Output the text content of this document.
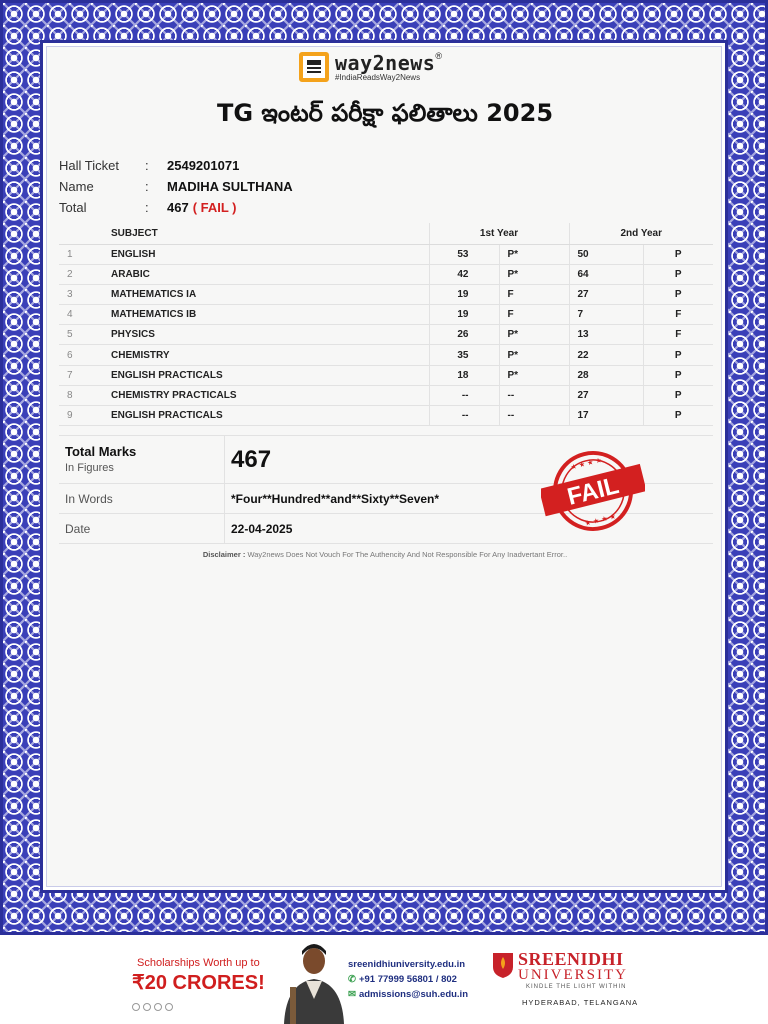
way2news®
#IndiaReadsWay2News
TG ఇంటర్ పరీక్షా ఫలితాలు 2025
Hall Ticket	:	2549201071
Name	:	MADIHA SULTHANA
Total	:	467 ( FAIL )
	SUBJECT	1st Year		2nd Year	
1	ENGLISH	53	P*	50	P
2	ARABIC	42	P*	64	P
3	MATHEMATICS IA	19	F	27	P
4	MATHEMATICS IB	19	F	7	F
5	PHYSICS	26	P*	13	F
6	CHEMISTRY	35	P*	22	P
7	ENGLISH PRACTICALS	18	P*	28	P
8	CHEMISTRY PRACTICALS	--	--	27	P
9	ENGLISH PRACTICALS	--	--	17	P
Total Marks
In Figures	467
In Words	*Four**Hundred**and**Sixty**Seven*
Date	22-04-2025
★ ★ ★ ★
★ ★ ★ ★
FAIL
Disclaimer : Way2news Does Not Vouch For The Authencity And Not Responsible For Any Inadvertant Error..
Scholarships Worth up to
₹20 CRORES!
sreenidhiuniversity.edu.in
✆ +91 77999 56801 / 802
✉ admissions@suh.edu.in
SREENIDHI
UNIVERSITY
KINDLE THE LIGHT WITHIN
HYDERABAD, TELANGANA
